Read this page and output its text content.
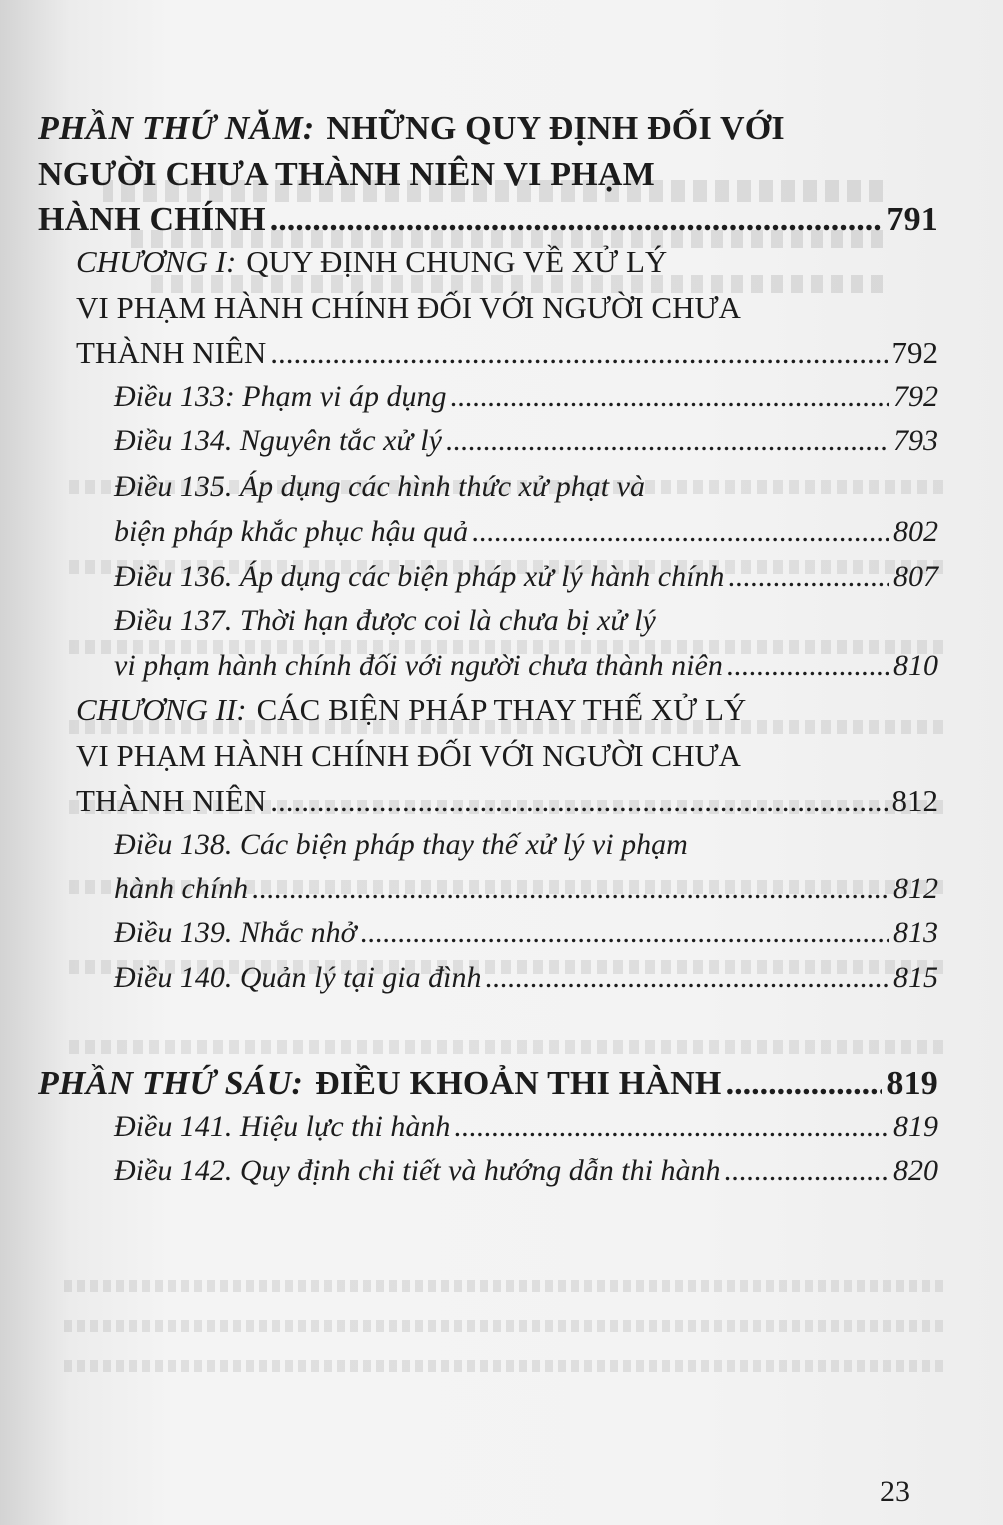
PHẦN THỨ NĂM: NHỮNG QUY ĐỊNH ĐỐI VỚI
NGƯỜI CHƯA THÀNH NIÊN VI PHẠM
HÀNH CHÍNH .....	791
CHƯƠNG I: QUY ĐỊNH CHUNG VỀ XỬ LÝ
VI PHẠM HÀNH CHÍNH ĐỐI VỚI NGƯỜI CHƯA
THÀNH NIÊN .....	792
Điều 133: Phạm vi áp dụng .....	792
Điều 134. Nguyên tắc xử lý .....	793
Điều 135. Áp dụng các hình thức xử phạt và
biện pháp khắc phục hậu quả .....	802
Điều 136. Áp dụng các biện pháp xử lý hành chính .....	807
Điều 137. Thời hạn được coi là chưa bị xử lý
vi phạm hành chính đối với người chưa thành niên .....	810
CHƯƠNG II: CÁC BIỆN PHÁP THAY THẾ XỬ LÝ
VI PHẠM HÀNH CHÍNH ĐỐI VỚI NGƯỜI CHƯA
THÀNH NIÊN .....	812
Điều 138. Các biện pháp thay thế xử lý vi phạm
hành chính .....	812
Điều 139. Nhắc nhở .....	813
Điều 140. Quản lý tại gia đình .....	815
PHẦN THỨ SÁU: ĐIỀU KHOẢN THI HÀNH .....	819
Điều 141. Hiệu lực thi hành .....	819
Điều 142. Quy định chi tiết và hướng dẫn thi hành .....	820
23
